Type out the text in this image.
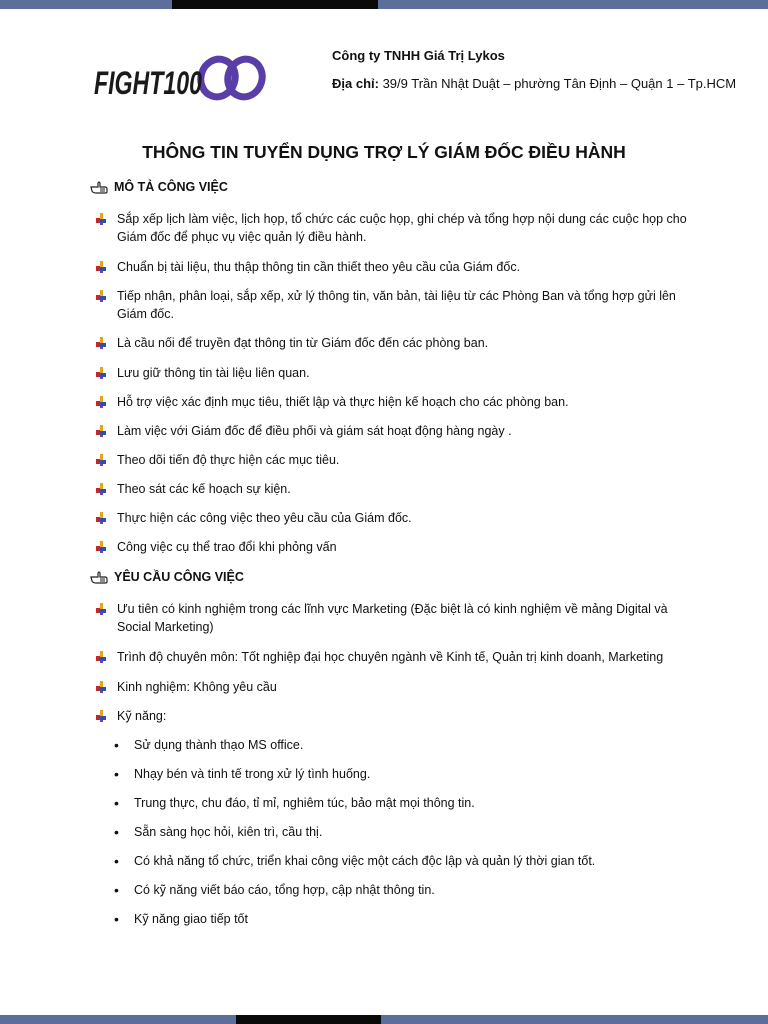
FIGHT100
Công ty TNHH Giá Trị Lykos
Địa chỉ: 39/9 Trần Nhật Duật – phường Tân Định – Quận 1 – Tp.HCM
THÔNG TIN TUYỂN DỤNG TRỢ LÝ GIÁM ĐỐC ĐIỀU HÀNH
MÔ TẢ CÔNG VIỆC
Sắp xếp lịch làm việc, lịch họp, tổ chức các cuộc họp, ghi chép và tổng hợp nội dung các cuộc họp cho Giám đốc để phục vụ việc quản lý điều hành.
Chuẩn bị tài liệu, thu thập thông tin cần thiết theo yêu cầu của Giám đốc.
Tiếp nhận, phân loại, sắp xếp, xử lý thông tin, văn bản, tài liệu từ các Phòng Ban và tổng hợp gửi lên Giám đốc.
Là cầu nối để truyền đạt thông tin từ Giám đốc đến các phòng ban.
Lưu giữ thông tin tài liệu liên quan.
Hỗ trợ việc xác định mục tiêu, thiết lập và thực hiện kế hoạch cho các phòng ban.
Làm việc với Giám đốc để điều phối và giám sát hoạt động hàng ngày .
Theo dõi tiến độ thực hiện các mục tiêu.
Theo sát các kế hoạch sự kiện.
Thực hiện các công việc theo yêu cầu của Giám đốc.
Công việc cụ thể trao đổi khi phỏng vấn
YÊU CẦU CÔNG VIỆC
Ưu tiên có kinh nghiệm trong các lĩnh vực Marketing (Đặc biệt là có kinh nghiệm về mảng Digital và Social Marketing)
Trình độ chuyên môn: Tốt nghiệp đại học chuyên ngành về Kinh tế, Quản trị kinh doanh, Marketing
Kinh nghiệm: Không yêu cầu
Kỹ năng:
•	Sử dụng thành thạo MS office.
•	Nhạy bén và tinh tế trong xử lý tình huống.
•	Trung thực, chu đáo, tỉ mỉ, nghiêm túc, bảo mật mọi thông tin.
•	Sẵn sàng học hỏi, kiên trì, cầu thị.
•	Có khả năng tổ chức, triển khai công việc một cách độc lập và quản lý thời gian tốt.
•	Có kỹ năng viết báo cáo, tổng hợp, cập nhật thông tin.
•	Kỹ năng giao tiếp tốt
